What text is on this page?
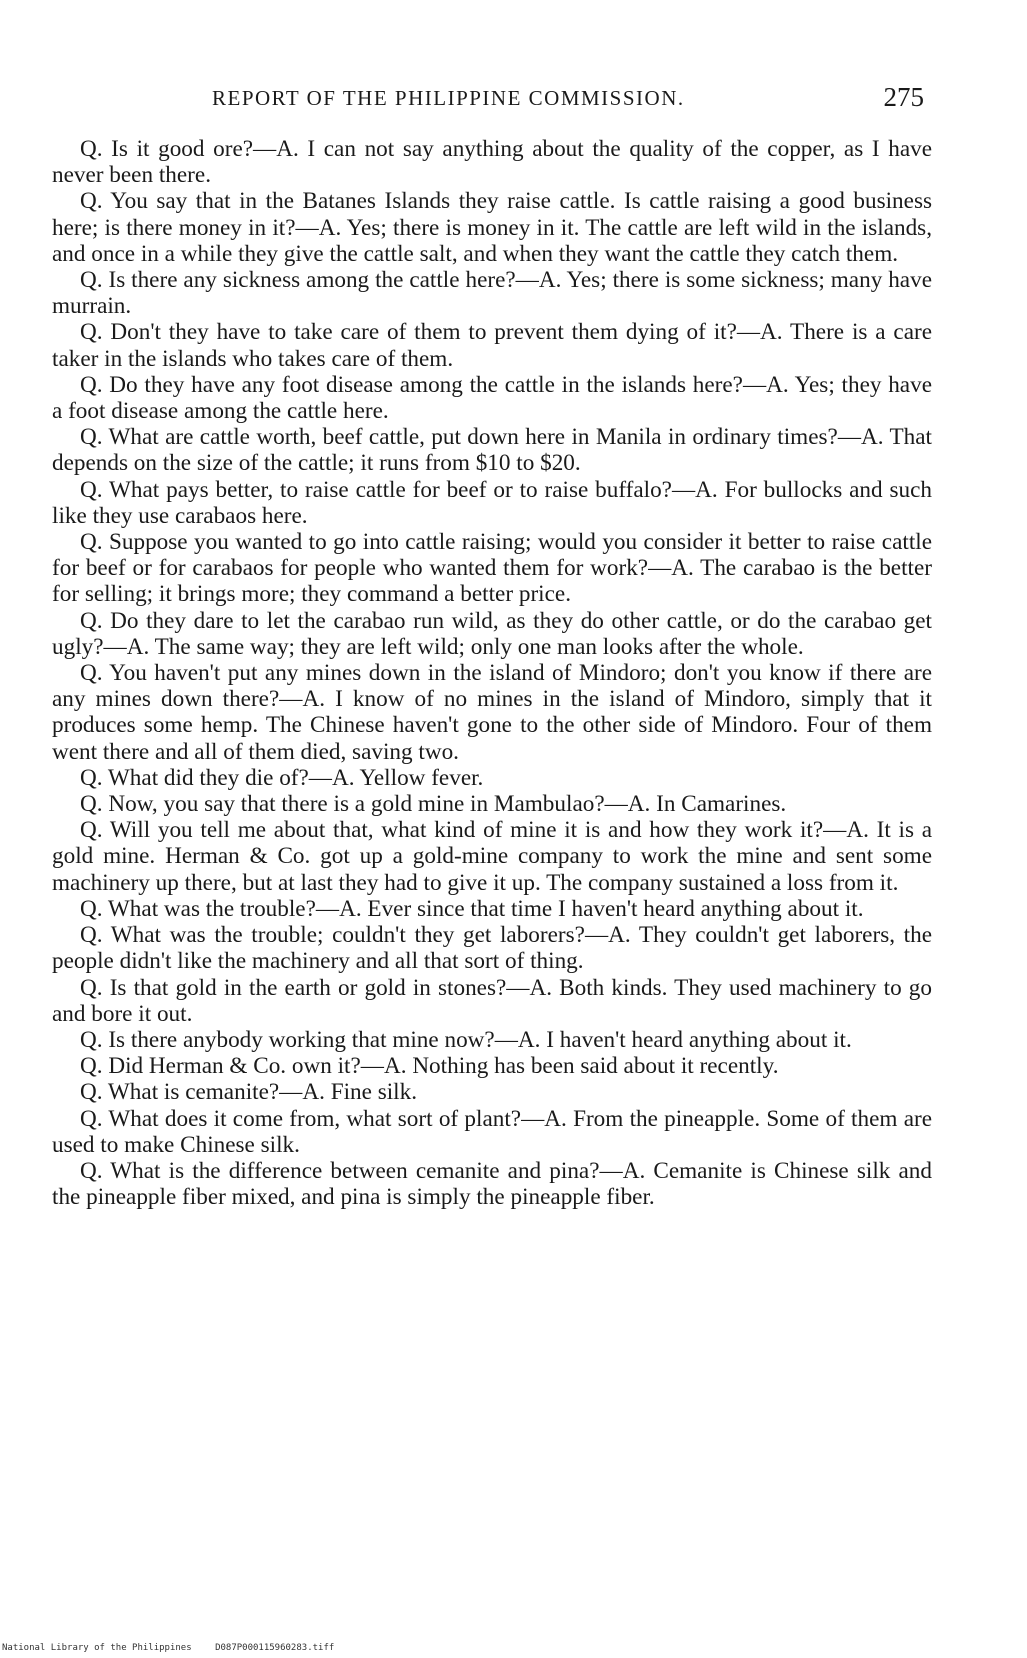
REPORT OF THE PHILIPPINE COMMISSION.	275

Q. Is it good ore?—A. I can not say anything about the quality of the copper, as I have never been there.

Q. You say that in the Batanes Islands they raise cattle. Is cattle raising a good business here; is there money in it?—A. Yes; there is money in it. The cattle are left wild in the islands, and once in a while they give the cattle salt, and when they want the cattle they catch them.

Q. Is there any sickness among the cattle here?—A. Yes; there is some sickness; many have murrain.

Q. Don't they have to take care of them to prevent them dying of it?—A. There is a care taker in the islands who takes care of them.

Q. Do they have any foot disease among the cattle in the islands here?—A. Yes; they have a foot disease among the cattle here.

Q. What are cattle worth, beef cattle, put down here in Manila in ordinary times?—A. That depends on the size of the cattle; it runs from $10 to $20.

Q. What pays better, to raise cattle for beef or to raise buffalo?—A. For bullocks and such like they use carabaos here.

Q. Suppose you wanted to go into cattle raising; would you consider it better to raise cattle for beef or for carabaos for people who wanted them for work?—A. The carabao is the better for selling; it brings more; they command a better price.

Q. Do they dare to let the carabao run wild, as they do other cattle, or do the carabao get ugly?—A. The same way; they are left wild; only one man looks after the whole.

Q. You haven't put any mines down in the island of Mindoro; don't you know if there are any mines down there?—A. I know of no mines in the island of Mindoro, simply that it produces some hemp. The Chinese haven't gone to the other side of Mindoro. Four of them went there and all of them died, saving two.

Q. What did they die of?—A. Yellow fever.

Q. Now, you say that there is a gold mine in Mambulao?—A. In Camarines.

Q. Will you tell me about that, what kind of mine it is and how they work it?—A. It is a gold mine. Herman & Co. got up a gold-mine company to work the mine and sent some machinery up there, but at last they had to give it up. The company sustained a loss from it.

Q. What was the trouble?—A. Ever since that time I haven't heard anything about it.

Q. What was the trouble; couldn't they get laborers?—A. They couldn't get laborers, the people didn't like the machinery and all that sort of thing.

Q. Is that gold in the earth or gold in stones?—A. Both kinds. They used machinery to go and bore it out.

Q. Is there anybody working that mine now?—A. I haven't heard anything about it.

Q. Did Herman & Co. own it?—A. Nothing has been said about it recently.

Q. What is cemanite?—A. Fine silk.

Q. What does it come from, what sort of plant?—A. From the pineapple. Some of them are used to make Chinese silk.

Q. What is the difference between cemanite and pina?—A. Cemanite is Chinese silk and the pineapple fiber mixed, and pina is simply the pineapple fiber.

National Library of the Philippines	D087P000115960283.tiff
